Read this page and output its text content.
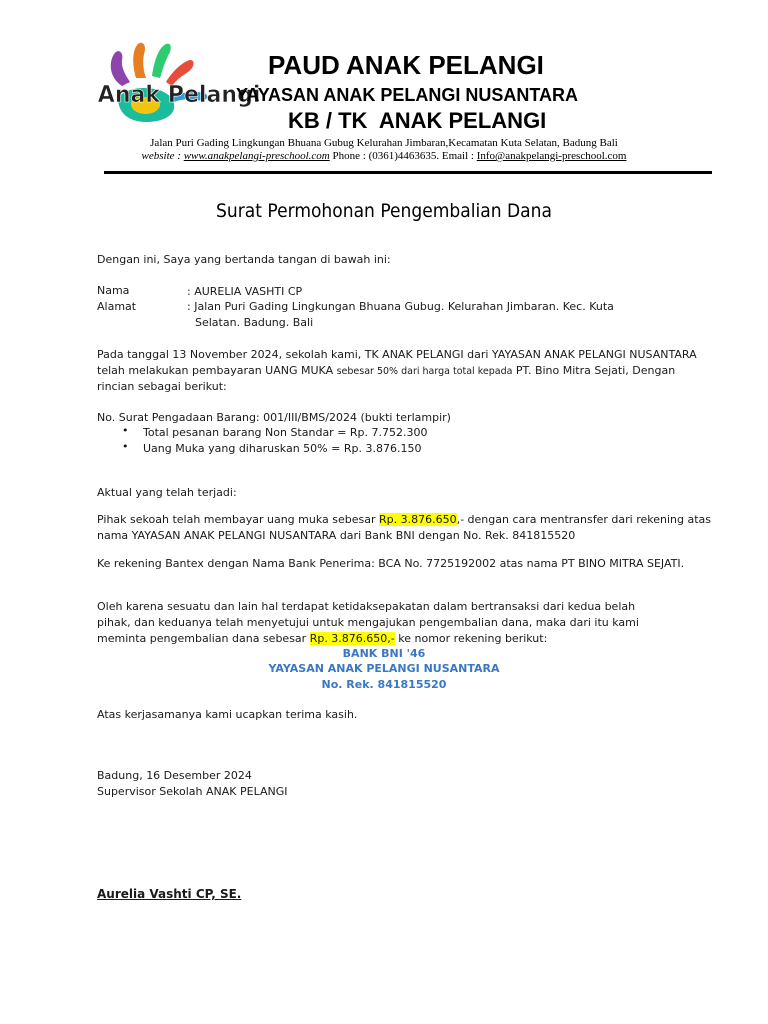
Anak Pelangi
PAUD ANAK PELANGI
YAYASAN ANAK PELANGI NUSANTARA
KB / TK  ANAK PELANGI
Jalan Puri Gading Lingkungan Bhuana Gubug Kelurahan Jimbaran,Kecamatan Kuta Selatan, Badung Bali
website : www.anakpelangi-preschool.com Phone : (0361)4463635. Email : Info@anakpelangi-preschool.com
Surat Permohonan Pengembalian Dana
Dengan ini, Saya yang bertanda tangan di bawah ini:
Nama	: AURELIA VASHTI CP
Alamat	: Jalan Puri Gading Lingkungan Bhuana Gubug. Kelurahan Jimbaran. Kec. Kuta
Selatan. Badung. Bali
Pada tanggal 13 November 2024, sekolah kami, TK ANAK PELANGI dari YAYASAN ANAK PELANGI NUSANTARA
telah melakukan pembayaran UANG MUKA sebesar 50% dari harga total kepada PT. Bino Mitra Sejati, Dengan
rincian sebagai berikut:
No. Surat Pengadaan Barang: 001/III/BMS/2024 (bukti terlampir)
• Total pesanan barang Non Standar = Rp. 7.752.300
• Uang Muka yang diharuskan 50% = Rp. 3.876.150
Aktual yang telah terjadi:
Pihak sekoah telah membayar uang muka sebesar Rp. 3.876.650,- dengan cara mentransfer dari rekening atas
nama YAYASAN ANAK PELANGI NUSANTARA dari Bank BNI dengan No. Rek. 841815520
Ke rekening Bantex dengan Nama Bank Penerima: BCA No. 7725192002 atas nama PT BINO MITRA SEJATI.
Oleh karena sesuatu dan lain hal terdapat ketidaksepakatan dalam bertransaksi dari kedua belah
pihak, dan keduanya telah menyetujui untuk mengajukan pengembalian dana, maka dari itu kami
meminta pengembalian dana sebesar Rp. 3.876.650,- ke nomor rekening berikut:
BANK BNI '46
YAYASAN ANAK PELANGI NUSANTARA
No. Rek. 841815520
Atas kerjasamanya kami ucapkan terima kasih.
Badung, 16 Desember 2024
Supervisor Sekolah ANAK PELANGI
Aurelia Vashti CP, SE.
